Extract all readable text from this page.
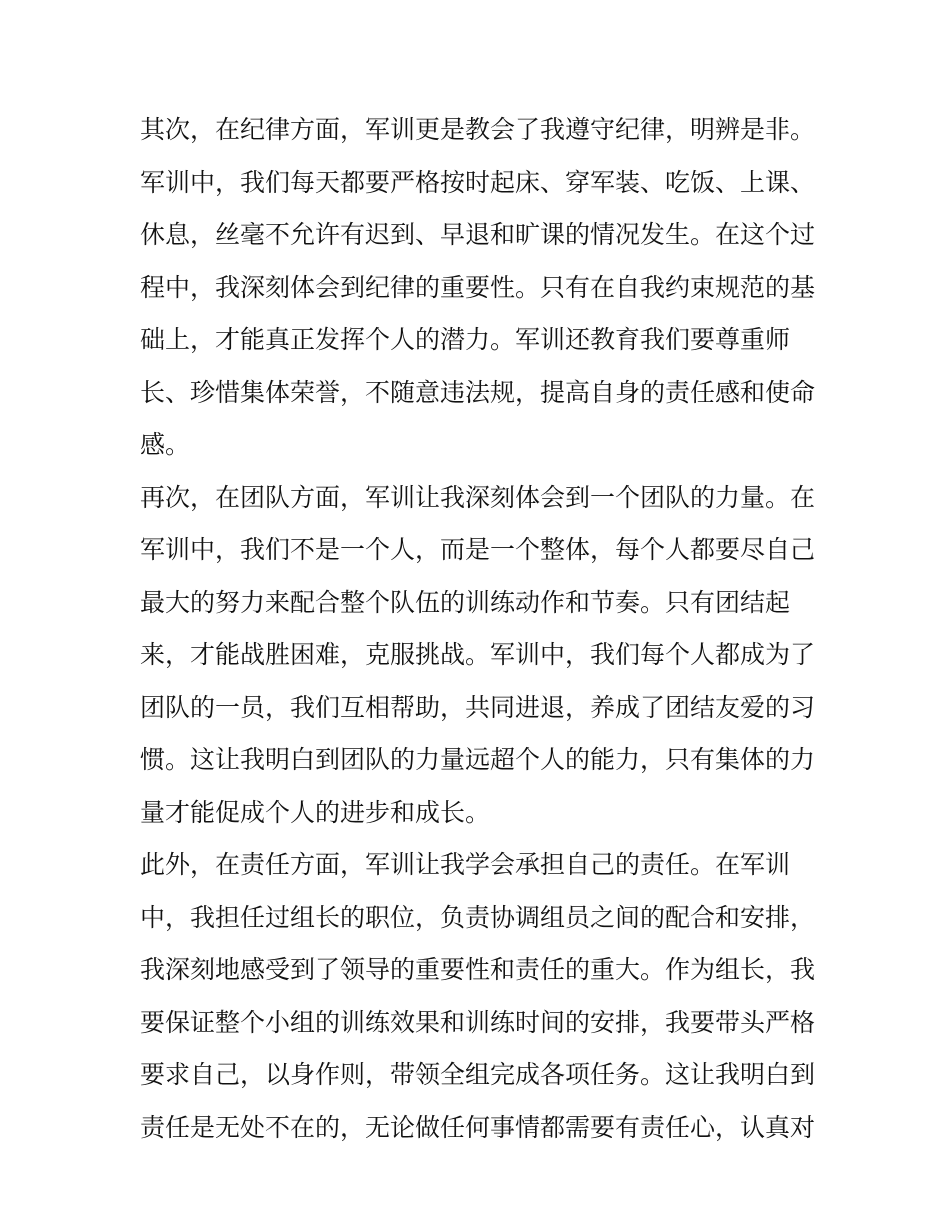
其次，在纪律方面，军训更是教会了我遵守纪律，明辨是非。
军训中，我们每天都要严格按时起床、穿军装、吃饭、上课、
休息，丝毫不允许有迟到、早退和旷课的情况发生。在这个过
程中，我深刻体会到纪律的重要性。只有在自我约束规范的基
础上，才能真正发挥个人的潜力。军训还教育我们要尊重师
长、珍惜集体荣誉，不随意违法规，提高自身的责任感和使命
感。
再次，在团队方面，军训让我深刻体会到一个团队的力量。在
军训中，我们不是一个人，而是一个整体，每个人都要尽自己
最大的努力来配合整个队伍的训练动作和节奏。只有团结起
来，才能战胜困难，克服挑战。军训中，我们每个人都成为了
团队的一员，我们互相帮助，共同进退，养成了团结友爱的习
惯。这让我明白到团队的力量远超个人的能力，只有集体的力
量才能促成个人的进步和成长。
此外，在责任方面，军训让我学会承担自己的责任。在军训
中，我担任过组长的职位，负责协调组员之间的配合和安排，
我深刻地感受到了领导的重要性和责任的重大。作为组长，我
要保证整个小组的训练效果和训练时间的安排，我要带头严格
要求自己，以身作则，带领全组完成各项任务。这让我明白到
责任是无处不在的，无论做任何事情都需要有责任心，认真对
